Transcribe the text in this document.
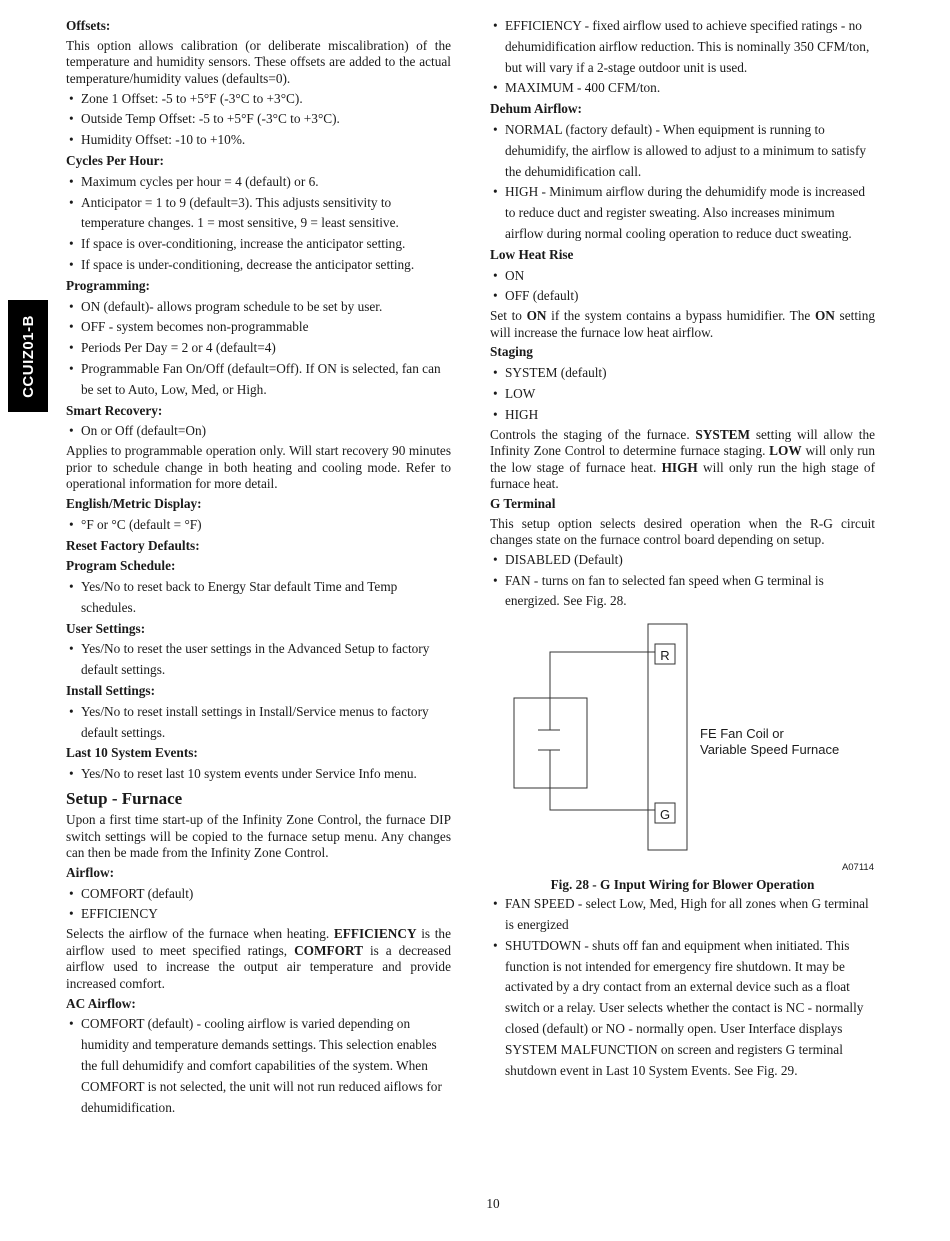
CCUIZ01-B
Offsets:
This option allows calibration (or deliberate miscalibration) of the temperature and humidity sensors. These offsets are added to the actual temperature/humidity values (defaults=0).
• Zone 1 Offset: -5 to +5°F (-3°C to +3°C).
• Outside Temp Offset: -5 to +5°F (-3°C to +3°C).
• Humidity Offset: -10 to +10%.
Cycles Per Hour:
• Maximum cycles per hour = 4 (default) or 6.
• Anticipator = 1 to 9 (default=3). This adjusts sensitivity to temperature changes. 1 = most sensitive, 9 = least sensitive.
• If space is over-conditioning, increase the anticipator setting.
• If space is under-conditioning, decrease the anticipator setting.
Programming:
• ON (default)- allows program schedule to be set by user.
• OFF - system becomes non-programmable
• Periods Per Day = 2 or 4 (default=4)
• Programmable Fan On/Off (default=Off). If ON is selected, fan can be set to Auto, Low, Med, or High.
Smart Recovery:
• On or Off (default=On)
Applies to programmable operation only. Will start recovery 90 minutes prior to schedule change in both heating and cooling mode. Refer to operational information for more detail.
English/Metric Display:
• °F or °C (default = °F)
Reset Factory Defaults:
Program Schedule:
• Yes/No to reset back to Energy Star default Time and Temp schedules.
User Settings:
• Yes/No to reset the user settings in the Advanced Setup to factory default settings.
Install Settings:
• Yes/No to reset install settings in Install/Service menus to factory default settings.
Last 10 System Events:
• Yes/No to reset last 10 system events under Service Info menu.
Setup - Furnace
Upon a first time start-up of the Infinity Zone Control, the furnace DIP switch settings will be copied to the furnace setup menu. Any changes can then be made from the Infinity Zone Control.
Airflow:
• COMFORT (default)
• EFFICIENCY
Selects the airflow of the furnace when heating. EFFICIENCY is the airflow used to meet specified ratings, COMFORT is a decreased airflow used to increase the output air temperature and provide increased comfort.
AC Airflow:
• COMFORT (default) - cooling airflow is varied depending on humidity and temperature demands settings. This selection enables the full dehumidify and comfort capabilities of the system. When COMFORT is not selected, the unit will not run reduced aiflows for dehumidification.
• EFFICIENCY - fixed airflow used to achieve specified ratings - no dehumidification airflow reduction. This is nominally 350 CFM/ton, but will vary if a 2-stage outdoor unit is used.
• MAXIMUM - 400 CFM/ton.
Dehum Airflow:
• NORMAL (factory default) - When equipment is running to dehumidify, the airflow is allowed to adjust to a minimum to satisfy the dehumidification call.
• HIGH - Minimum airflow during the dehumidify mode is increased to reduce duct and register sweating. Also increases minimum airflow during normal cooling operation to reduce duct sweating.
Low Heat Rise
• ON
• OFF (default)
Set to ON if the system contains a bypass humidifier. The ON setting will increase the furnace low heat airflow.
Staging
• SYSTEM (default)
• LOW
• HIGH
Controls the staging of the furnace. SYSTEM setting will allow the Infinity Zone Control to determine furnace staging. LOW will only run the low stage of furnace heat. HIGH will only run the high stage of furnace heat.
G Terminal
This setup option selects desired operation when the R-G circuit changes state on the furnace control board depending on setup.
• DISABLED (Default)
• FAN - turns on fan to selected fan speed when G terminal is energized. See Fig. 28.
R
G
FE Fan Coil or
Variable Speed Furnace
A07114
Fig. 28 - G Input Wiring for Blower Operation
• FAN SPEED - select Low, Med, High for all zones when G terminal is energized
• SHUTDOWN - shuts off fan and equipment when initiated. This function is not intended for emergency fire shutdown. It may be activated by a dry contact from an external device such as a float switch or a relay. User selects whether the contact is NC - normally closed (default) or NO - normally open. User Interface displays SYSTEM MALFUNCTION on screen and registers G terminal shutdown event in Last 10 System Events. See Fig. 29.
10
